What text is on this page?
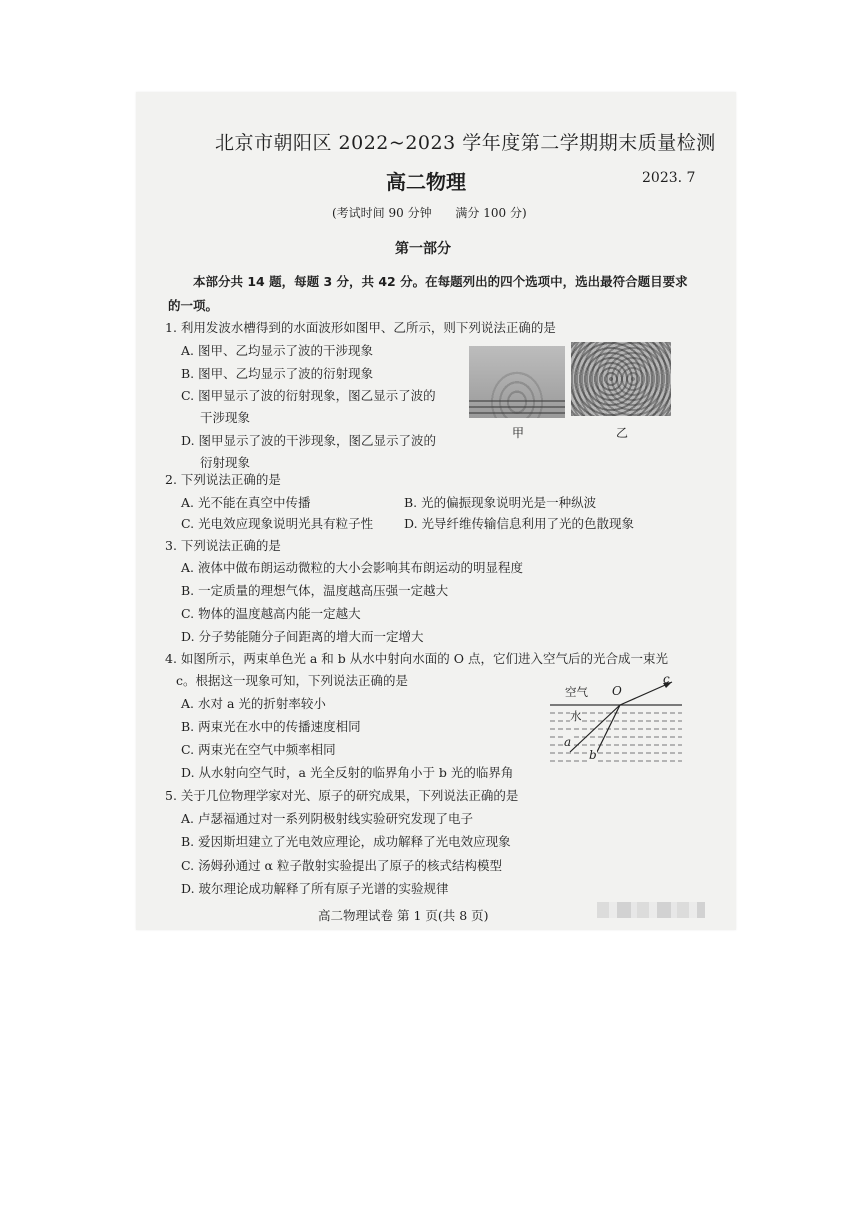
北京市朝阳区 2022~2023 学年度第二学期期末质量检测
高二物理	2023. 7
(考试时间 90 分钟 满分 100 分)
第一部分
本部分共 14 题，每题 3 分，共 42 分。在每题列出的四个选项中，选出最符合题目要求的一项。
1. 利用发波水槽得到的水面波形如图甲、乙所示，则下列说法正确的是
A. 图甲、乙均显示了波的干涉现象
B. 图甲、乙均显示了波的衍射现象
C. 图甲显示了波的衍射现象，图乙显示了波的
干涉现象
D. 图甲显示了波的干涉现象，图乙显示了波的
衍射现象
甲	乙
2. 下列说法正确的是
A. 光不能在真空中传播	B. 光的偏振现象说明光是一种纵波
C. 光电效应现象说明光具有粒子性 D. 光导纤维传输信息利用了光的色散现象
3. 下列说法正确的是
A. 液体中做布朗运动微粒的大小会影响其布朗运动的明显程度
B. 一定质量的理想气体，温度越高压强一定越大
C. 物体的温度越高内能一定越大
D. 分子势能随分子间距离的增大而一定增大
4. 如图所示，两束单色光 a 和 b 从水中射向水面的 O 点，它们进入空气后的光合成一束光
c。根据这一现象可知，下列说法正确的是
A. 水对 a 光的折射率较小
B. 两束光在水中的传播速度相同
C. 两束光在空气中频率相同
D. 从水射向空气时，a 光全反射的临界角小于 b 光的临界角
空气 O
c
水
a
b
5. 关于几位物理学家对光、原子的研究成果，下列说法正确的是
A. 卢瑟福通过对一系列阴极射线实验研究发现了电子
B. 爱因斯坦建立了光电效应理论，成功解释了光电效应现象
C. 汤姆孙通过 α 粒子散射实验提出了原子的核式结构模型
D. 玻尔理论成功解释了所有原子光谱的实验规律
高二物理试卷 第 1 页(共 8 页)
